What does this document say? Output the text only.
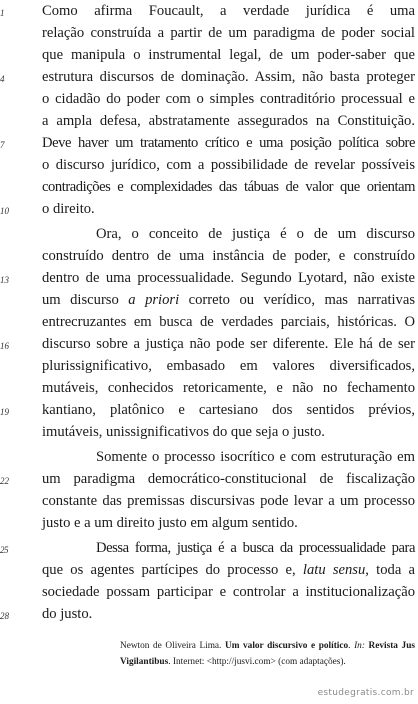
1	Como afirma Foucault, a verdade jurídica é uma
relação construída a partir de um paradigma de poder social
que manipula o instrumental legal, de um poder-saber que
4	estrutura discursos de dominação. Assim, não basta proteger
o cidadão do poder com o simples contraditório processual e
a ampla defesa, abstratamente assegurados na Constituição.
7	Deve haver um tratamento crítico e uma posição política sobre
o discurso jurídico, com a possibilidade de revelar possíveis
contradições e complexidades das tábuas de valor que orientam
10	o direito.
Ora, o conceito de justiça é o de um discurso
construído dentro de uma instância de poder, e construído
13	dentro de uma processualidade. Segundo Lyotard, não existe
um discurso a priori correto ou verídico, mas narrativas
entrecruzantes em busca de verdades parciais, históricas. O
16	discurso sobre a justiça não pode ser diferente. Ele há de ser
plurissignificativo, embasado em valores diversificados,
mutáveis, conhecidos retoricamente, e não no fechamento
19	kantiano, platônico e cartesiano dos sentidos prévios,
imutáveis, unissignificativos do que seja o justo.
Somente o processo isocrítico e com estruturação em
22	um paradigma democrático-constitucional de fiscalização
constante das premissas discursivas pode levar a um processo
justo e a um direito justo em algum sentido.
25	Dessa forma, justiça é a busca da processualidade para
que os agentes partícipes do processo e, latu sensu, toda a
sociedade possam participar e controlar a institucionalização
28	do justo.
Newton de Oliveira Lima. Um valor discursivo e político. In: Revista Jus Vigilantibus. Internet: <http://jusvi.com> (com adaptações).
estudegratis.com.br
